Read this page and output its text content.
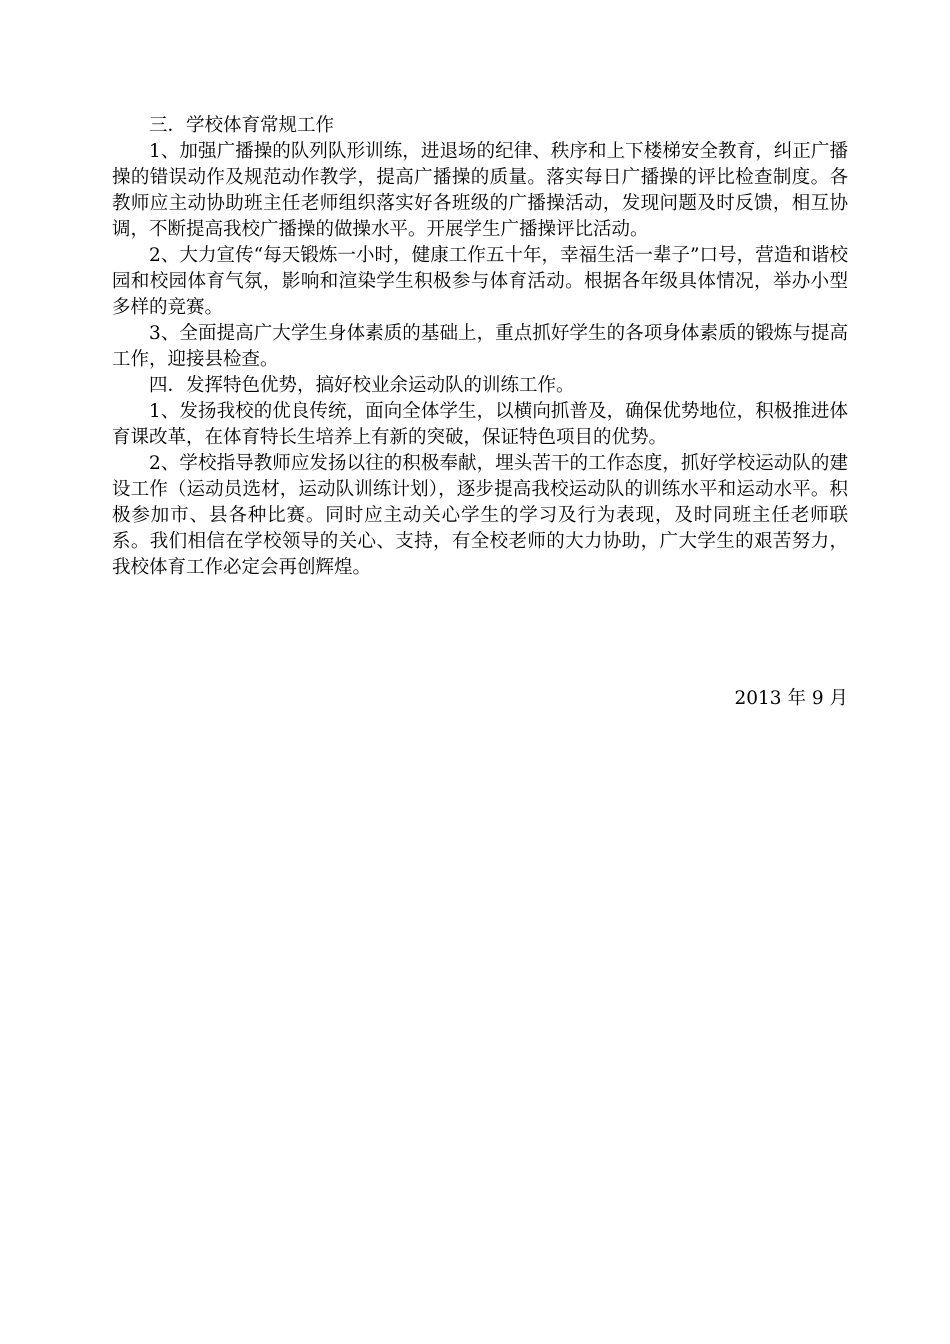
三．学校体育常规工作

1、加强广播操的队列队形训练，进退场的纪律、秩序和上下楼梯安全教育，纠正广播操的错误动作及规范动作教学，提高广播操的质量。落实每日广播操的评比检查制度。各教师应主动协助班主任老师组织落实好各班级的广播操活动，发现问题及时反馈，相互协调，不断提高我校广播操的做操水平。开展学生广播操评比活动。

2、大力宣传“每天锻炼一小时，健康工作五十年，幸福生活一辈子”口号，营造和谐校园和校园体育气氛，影响和渲染学生积极参与体育活动。根据各年级具体情况，举办小型多样的竞赛。

3、全面提高广大学生身体素质的基础上，重点抓好学生的各项身体素质的锻炼与提高工作，迎接县检查。

四．发挥特色优势，搞好校业余运动队的训练工作。

1、发扬我校的优良传统，面向全体学生，以横向抓普及，确保优势地位，积极推进体育课改革，在体育特长生培养上有新的突破，保证特色项目的优势。

2、学校指导教师应发扬以往的积极奉献，埋头苦干的工作态度，抓好学校运动队的建设工作（运动员选材，运动队训练计划），逐步提高我校运动队的训练水平和运动水平。积极参加市、县各种比赛。同时应主动关心学生的学习及行为表现，及时同班主任老师联系。我们相信在学校领导的关心、支持，有全校老师的大力协助，广大学生的艰苦努力，我校体育工作必定会再创辉煌。

2013 年 9 月
